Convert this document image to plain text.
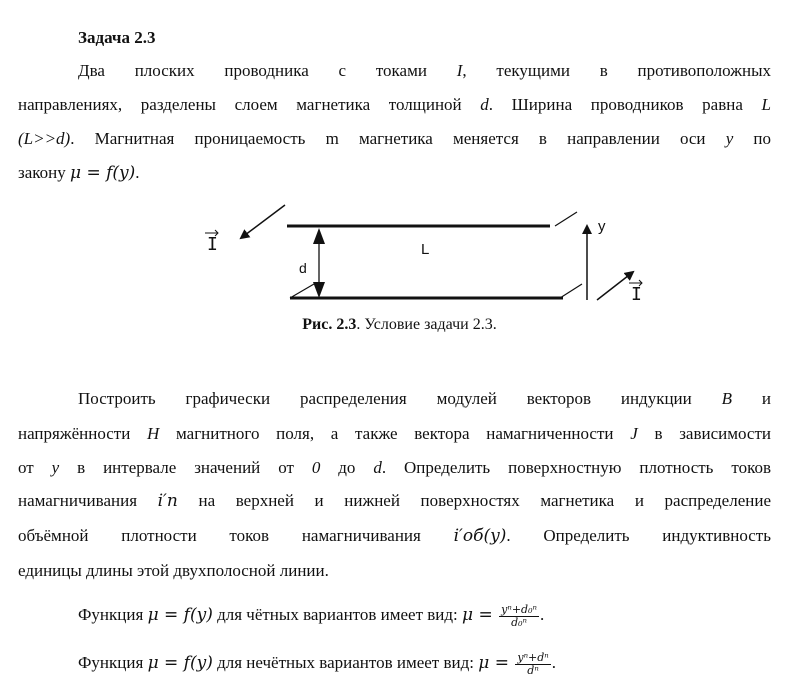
Задача 2.3
Два плоских проводника с токами I, текущими в противоположных
направлениях, разделены слоем магнетика толщиной d. Ширина проводников равна L
(L>>d). Магнитная проницаемость m магнетика меняется в направлении оси y по
закону μ = f(y).
I	L
d
y
I
Рис. 2.3. Условие задачи 2.3.
Построить графически распределения модулей векторов индукции B и
напряжённости H магнитного поля, а также вектора намагниченности J в зависимости
от y в интервале значений от 0 до d. Определить поверхностную плотность токов
намагничивания i′п на верхней и нижней поверхностях магнетика и распределение
объёмной плотности токов намагничивания i′об(y). Определить индуктивность
единицы длины этой двухполосной линии.
Функция μ = f(y) для чётных вариантов имеет вид: $\mu = \frac{\text{yⁿ+d₀ⁿ}}{\text{d₀ⁿ}}$ .
Функция μ = f(y) для нечётных вариантов имеет вид: $\mu = \frac{\text{yⁿ+dⁿ}}{\text{dⁿ}}$ .
